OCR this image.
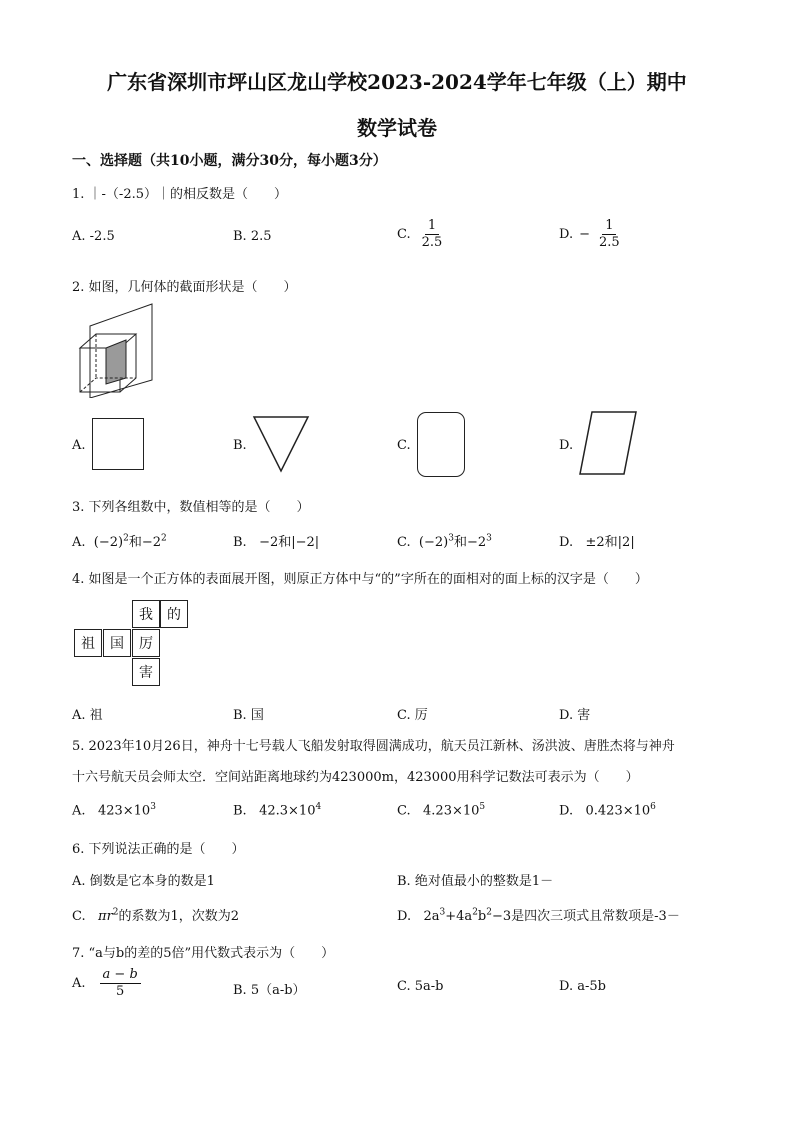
广东省深圳市坪山区龙山学校2023-2024学年七年级（上）期中
数学试卷
一、选择题（共10小题，满分30分，每小题3分）
1. ｜-（-2.5）｜的相反数是（　　）
A. -2.5	B. 2.5	C. $\frac{1}{2.5}$	D. − $\frac{1}{2.5}$
2. 如图，几何体的截面形状是（　　）
A.	B.	C.	D.
3. 下列各组数中，数值相等的是（　　）
A. $(-2)^2$和$-2^2$	B. −2和|−2|	C. $(-2)^3$和$-2^3$	D. ±2和|2|
4. 如图是一个正方体的表面展开图，则原正方体中与“的”字所在的面相对的面上标的汉字是（　　）
我	的
祖	国	厉
害
A. 祖	B. 国	C. 厉	D. 害
5. 2023年10月26日，神舟十七号载人飞船发射取得圆满成功，航天员江新林、汤洪波、唐胜杰将与神舟
十六号航天员会师太空．空间站距离地球约为423000m，423000用科学记数法可表示为（　　）
A. $423\times 10^3$	B. $42.3\times 10^4$	C. $4.23\times 10^5$	D. $0.423\times 10^6$
6. 下列说法正确的是（　　）
A. 倒数是它本身的数是1	B. 绝对值最小的整数是1－
C. $\pi r^2$的系数为1，次数为2	D. $2a^3+4a^2b^2-3$是四次三项式且常数项是-3－
7. “a与b的差的5倍”用代数式表示为（　　）
A. $\frac{a - b}{5}$	B. 5（a-b）	C. 5a-b	D. a-5b
